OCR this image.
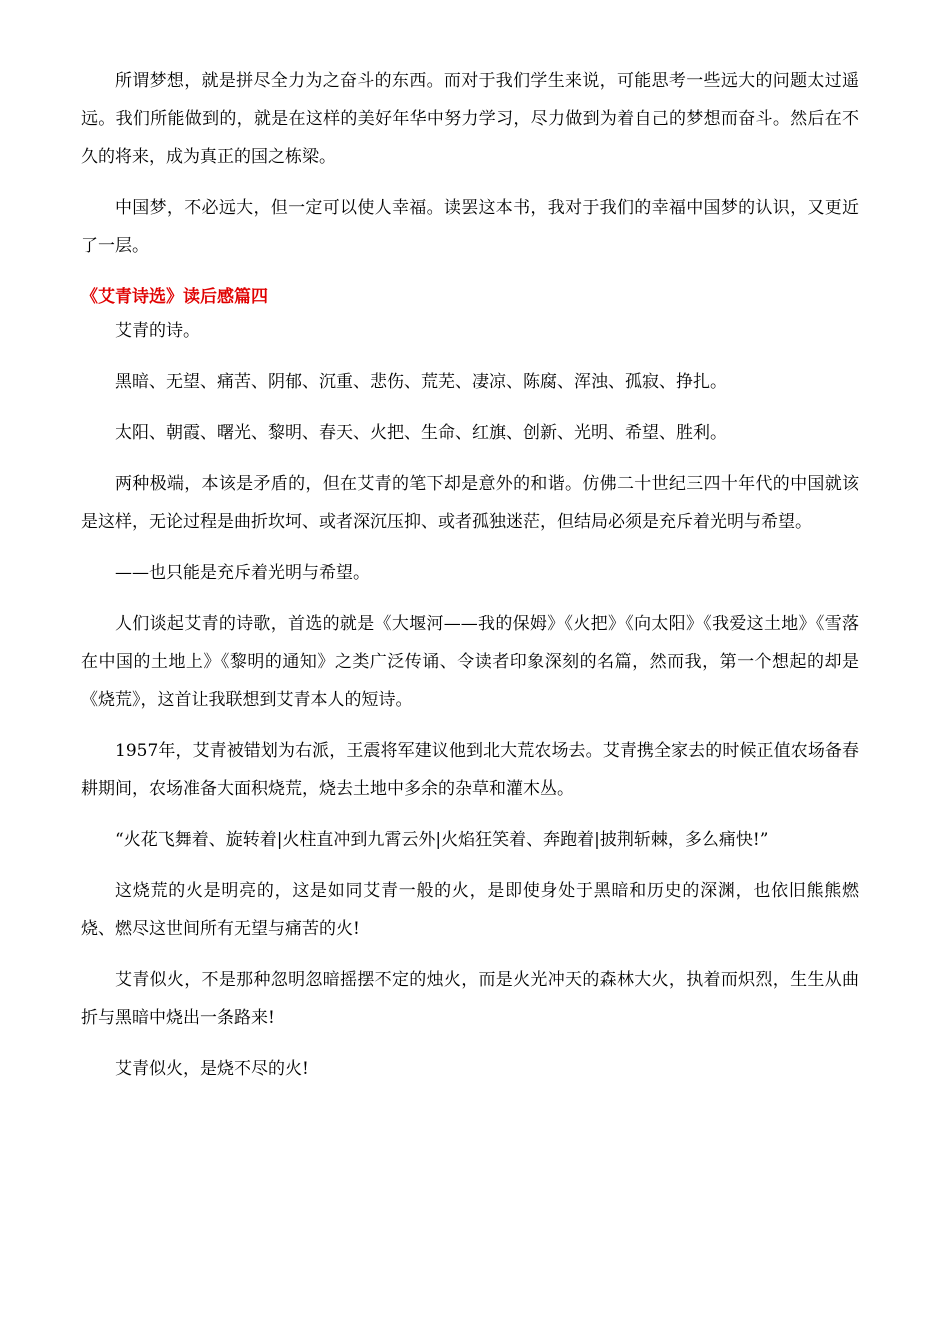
所谓梦想，就是拼尽全力为之奋斗的东西。而对于我们学生来说，可能思考一些远大的问题太过遥远。我们所能做到的，就是在这样的美好年华中努力学习，尽力做到为着自己的梦想而奋斗。然后在不久的将来，成为真正的国之栋梁。

中国梦，不必远大，但一定可以使人幸福。读罢这本书，我对于我们的幸福中国梦的认识，又更近了一层。

《艾青诗选》读后感篇四

艾青的诗。

黑暗、无望、痛苦、阴郁、沉重、悲伤、荒芜、凄凉、陈腐、浑浊、孤寂、挣扎。

太阳、朝霞、曙光、黎明、春天、火把、生命、红旗、创新、光明、希望、胜利。

两种极端，本该是矛盾的，但在艾青的笔下却是意外的和谐。仿佛二十世纪三四十年代的中国就该是这样，无论过程是曲折坎坷、或者深沉压抑、或者孤独迷茫，但结局必须是充斥着光明与希望。

——也只能是充斥着光明与希望。

人们谈起艾青的诗歌，首选的就是《大堰河——我的保姆》《火把》《向太阳》《我爱这土地》《雪落在中国的土地上》《黎明的通知》之类广泛传诵、令读者印象深刻的名篇，然而我，第一个想起的却是《烧荒》，这首让我联想到艾青本人的短诗。

1957年，艾青被错划为右派，王震将军建议他到北大荒农场去。艾青携全家去的时候正值农场备春耕期间，农场准备大面积烧荒，烧去土地中多余的杂草和灌木丛。

“火花飞舞着、旋转着|火柱直冲到九霄云外|火焰狂笑着、奔跑着|披荆斩棘，多么痛快!”

这烧荒的火是明亮的，这是如同艾青一般的火，是即使身处于黑暗和历史的深渊，也依旧熊熊燃烧、燃尽这世间所有无望与痛苦的火!

艾青似火，不是那种忽明忽暗摇摆不定的烛火，而是火光冲天的森林大火，执着而炽烈，生生从曲折与黑暗中烧出一条路来!

艾青似火，是烧不尽的火!
